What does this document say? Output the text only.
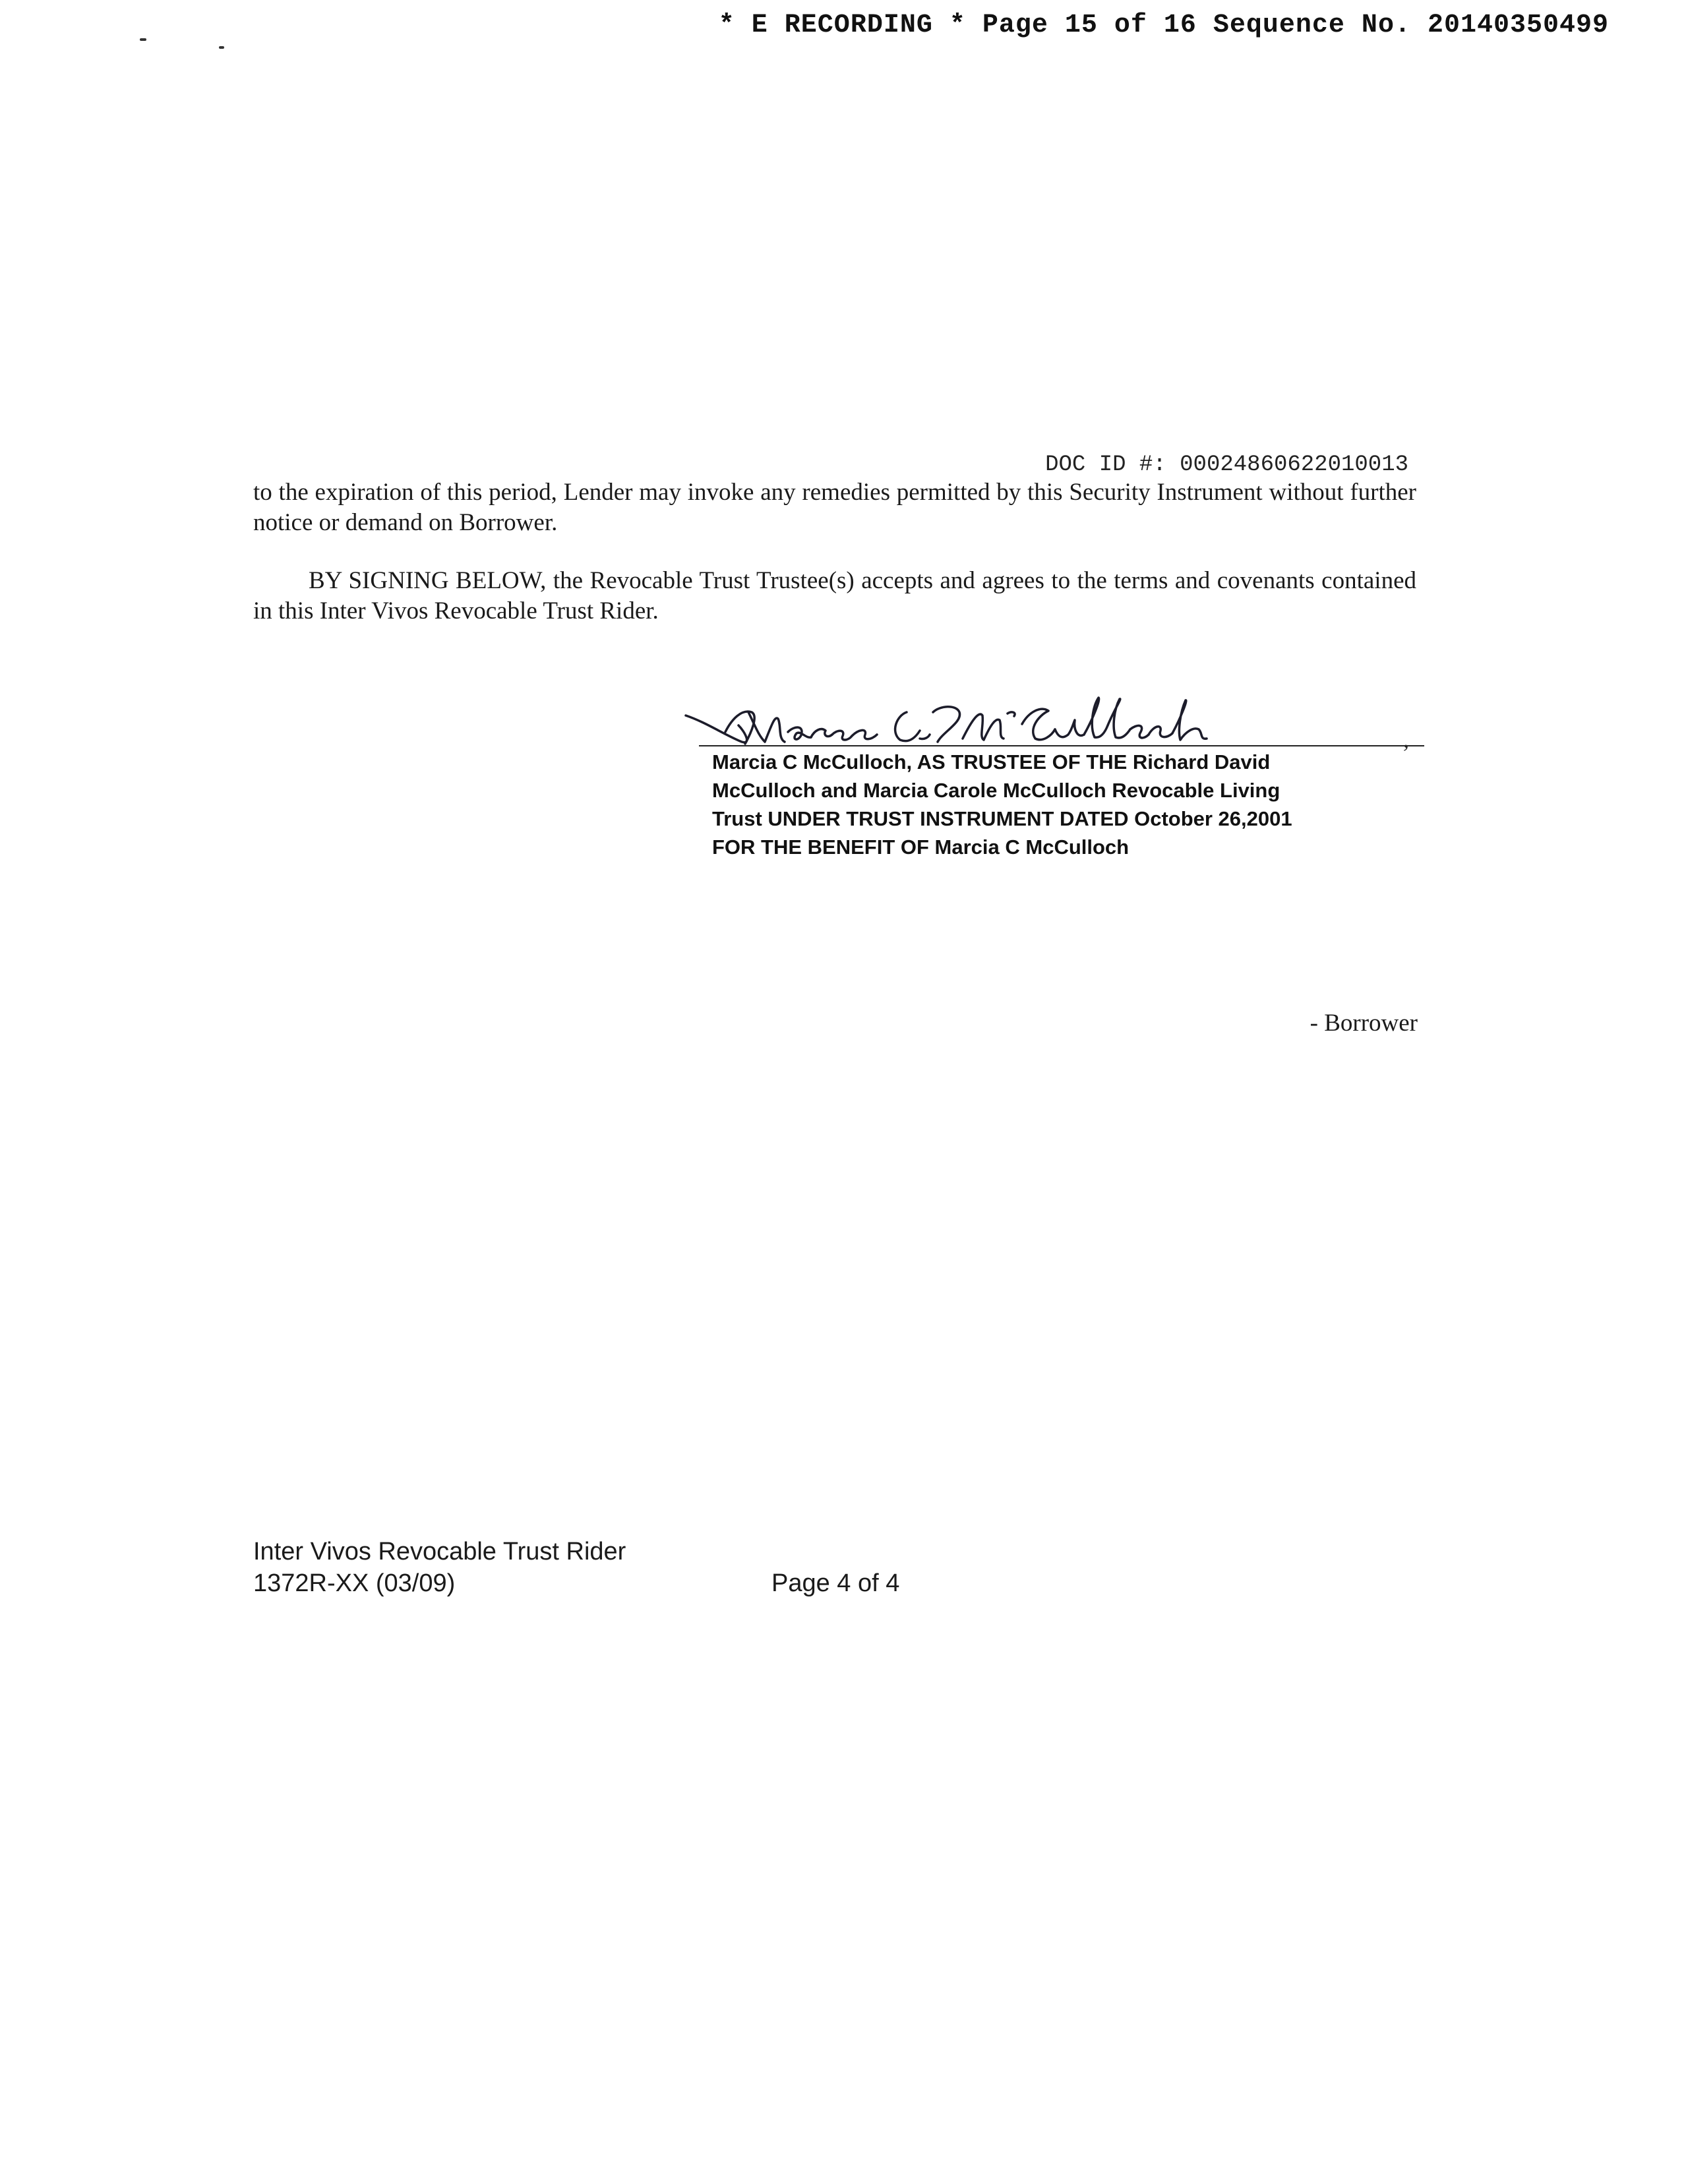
* E RECORDING * Page 15 of 16 Sequence No. 20140350499
DOC ID #: 00024860622010013
to the expiration of this period, Lender may invoke any remedies permitted by this Security Instrument without further notice or demand on Borrower.
BY SIGNING BELOW, the Revocable Trust Trustee(s) accepts and agrees to the terms and covenants contained in this Inter Vivos Revocable Trust Rider.
,
Marcia C McCulloch, AS TRUSTEE OF THE Richard David
McCulloch and Marcia Carole McCulloch Revocable Living
Trust UNDER TRUST INSTRUMENT DATED October 26,2001
FOR THE BENEFIT OF Marcia C McCulloch
- Borrower
Inter Vivos Revocable Trust Rider
1372R-XX (03/09)	Page 4 of 4
